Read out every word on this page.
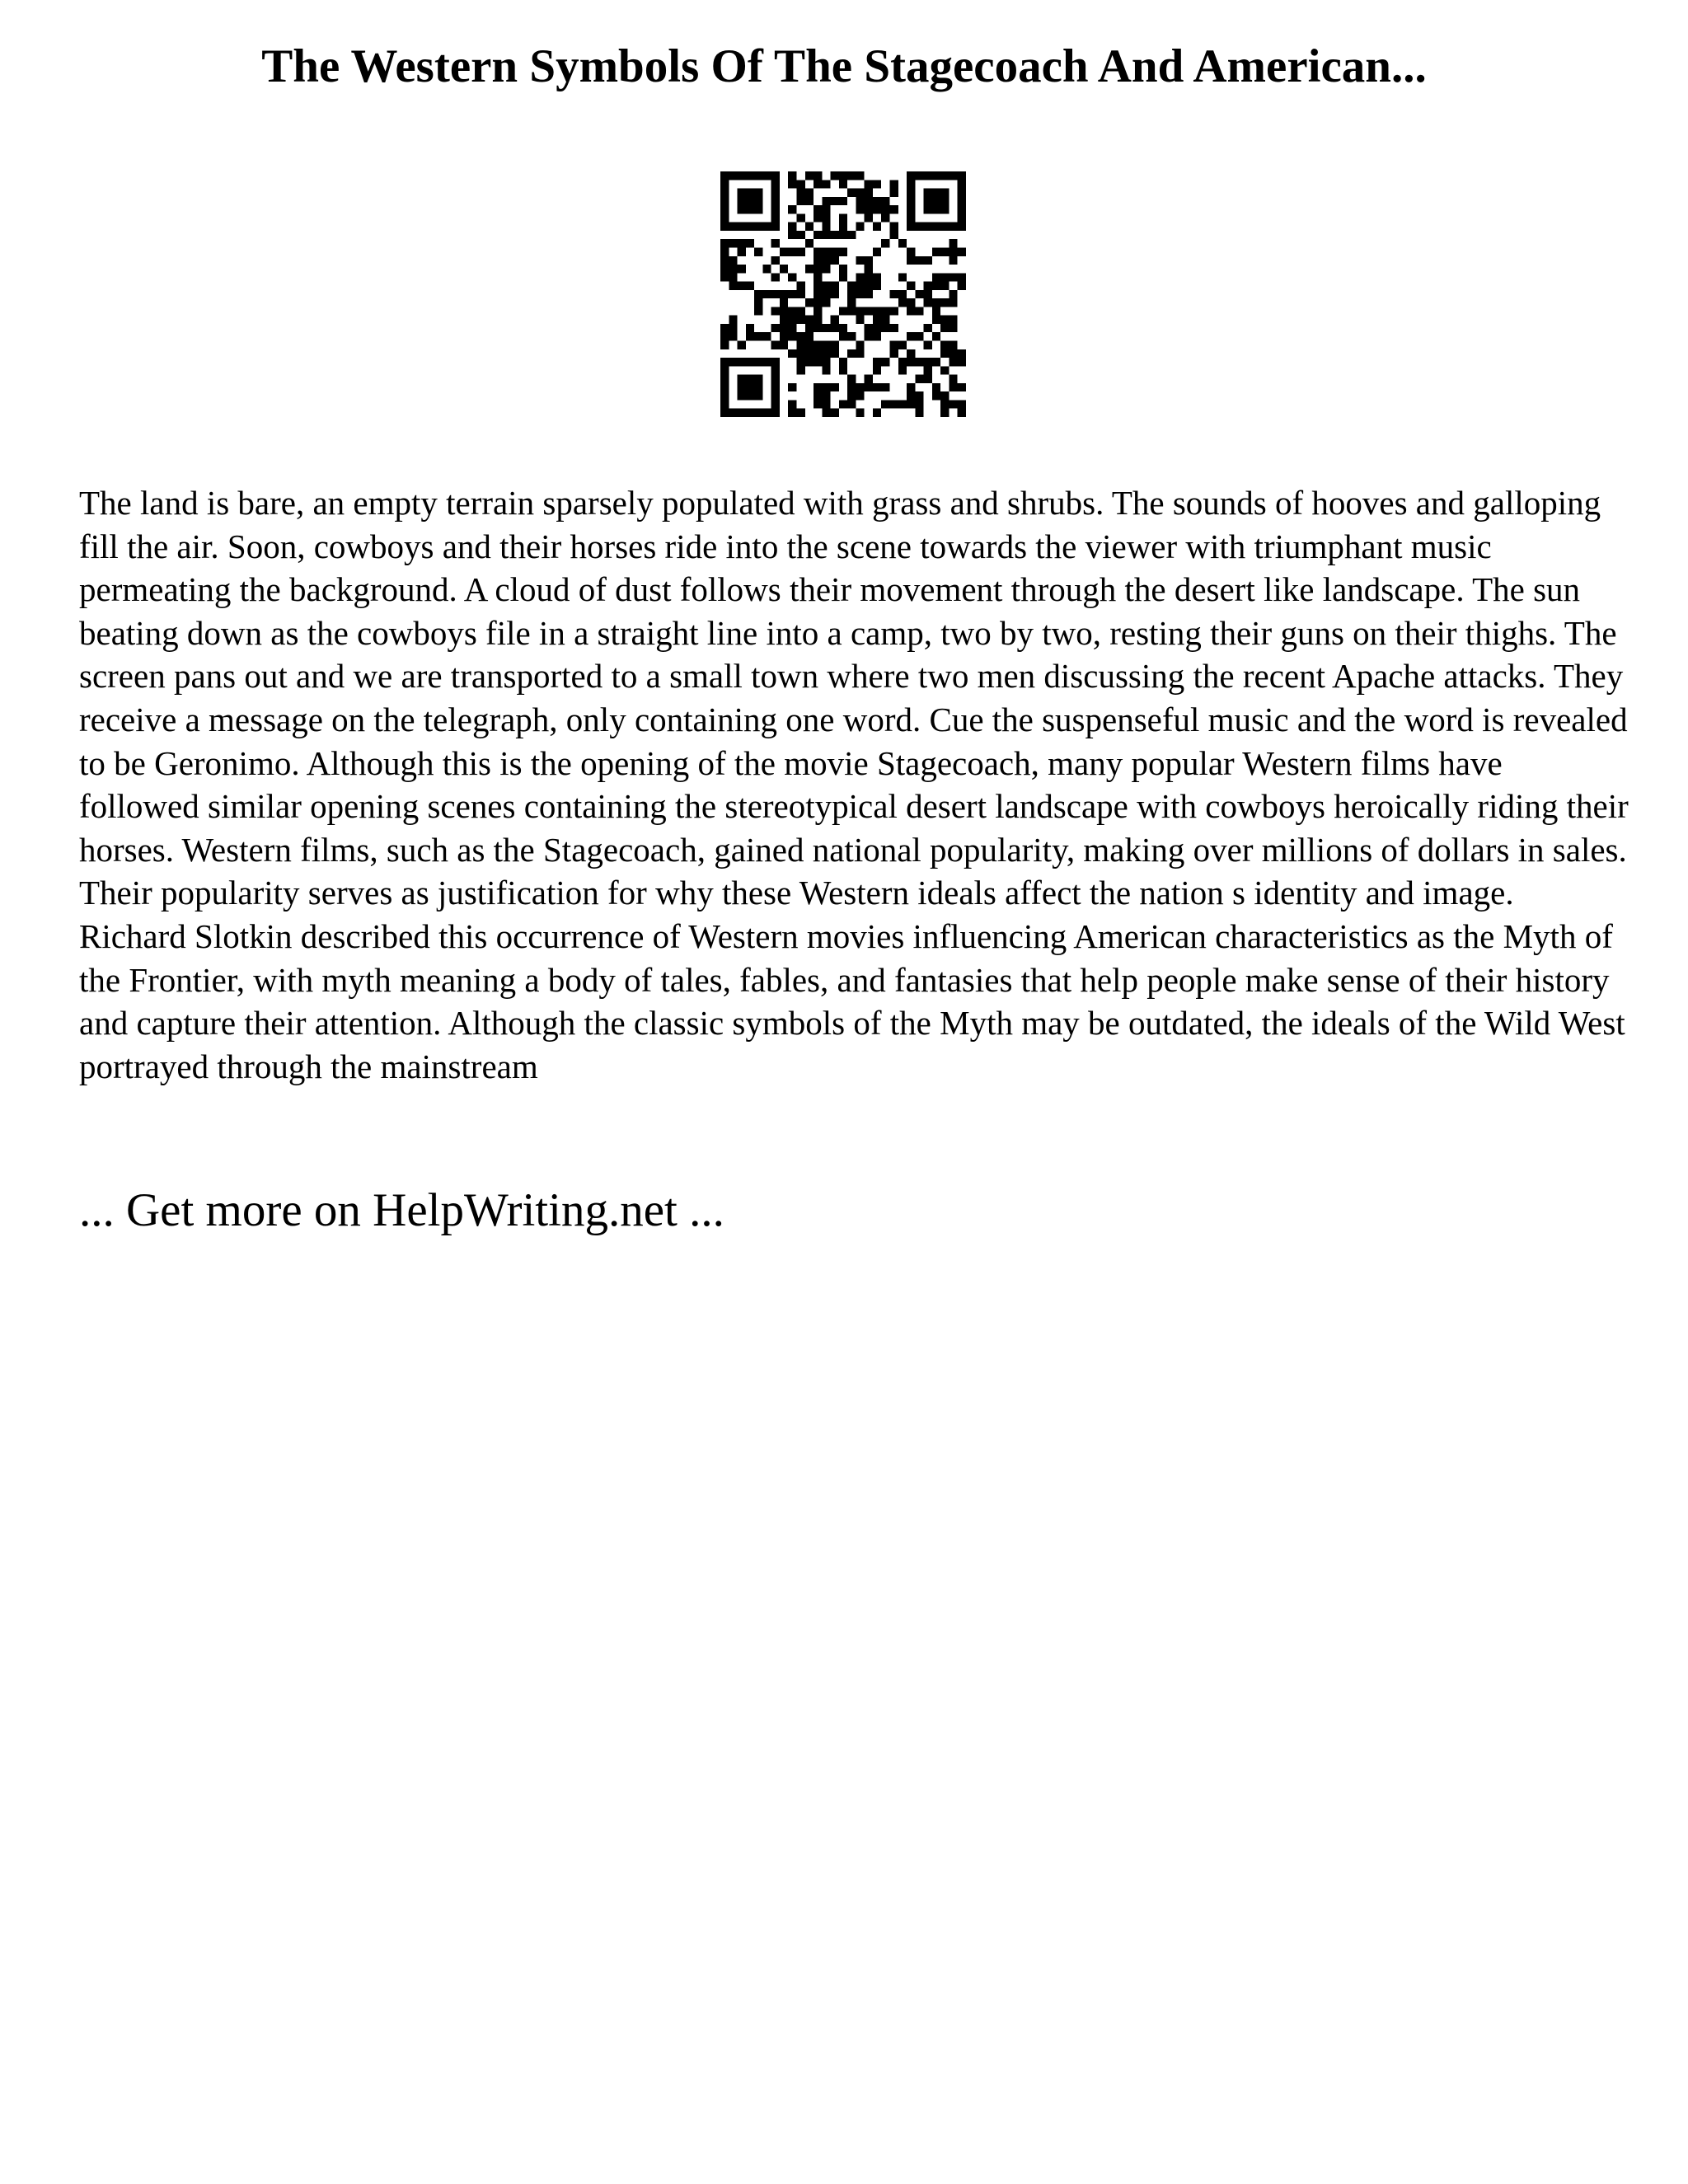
The Western Symbols Of The Stagecoach And American...

The land is bare, an empty terrain sparsely populated with grass and shrubs. The sounds of hooves and galloping fill the air. Soon, cowboys and their horses ride into the scene towards the viewer with triumphant music permeating the background. A cloud of dust follows their movement through the desert like landscape. The sun beating down as the cowboys file in a straight line into a camp, two by two, resting their guns on their thighs. The screen pans out and we are transported to a small town where two men discussing the recent Apache attacks. They receive a message on the telegraph, only containing one word. Cue the suspenseful music and the word is revealed to be Geronimo. Although this is the opening of the movie Stagecoach, many popular Western films have followed similar opening scenes containing the stereotypical desert landscape with cowboys heroically riding their horses. Western films, such as the Stagecoach, gained national popularity, making over millions of dollars in sales. Their popularity serves as justification for why these Western ideals affect the nation s identity and image. Richard Slotkin described this occurrence of Western movies influencing American characteristics as the Myth of the Frontier, with myth meaning a body of tales, fables, and fantasies that help people make sense of their history and capture their attention. Although the classic symbols of the Myth may be outdated, the ideals of the Wild West portrayed through the mainstream

... Get more on HelpWriting.net ...
